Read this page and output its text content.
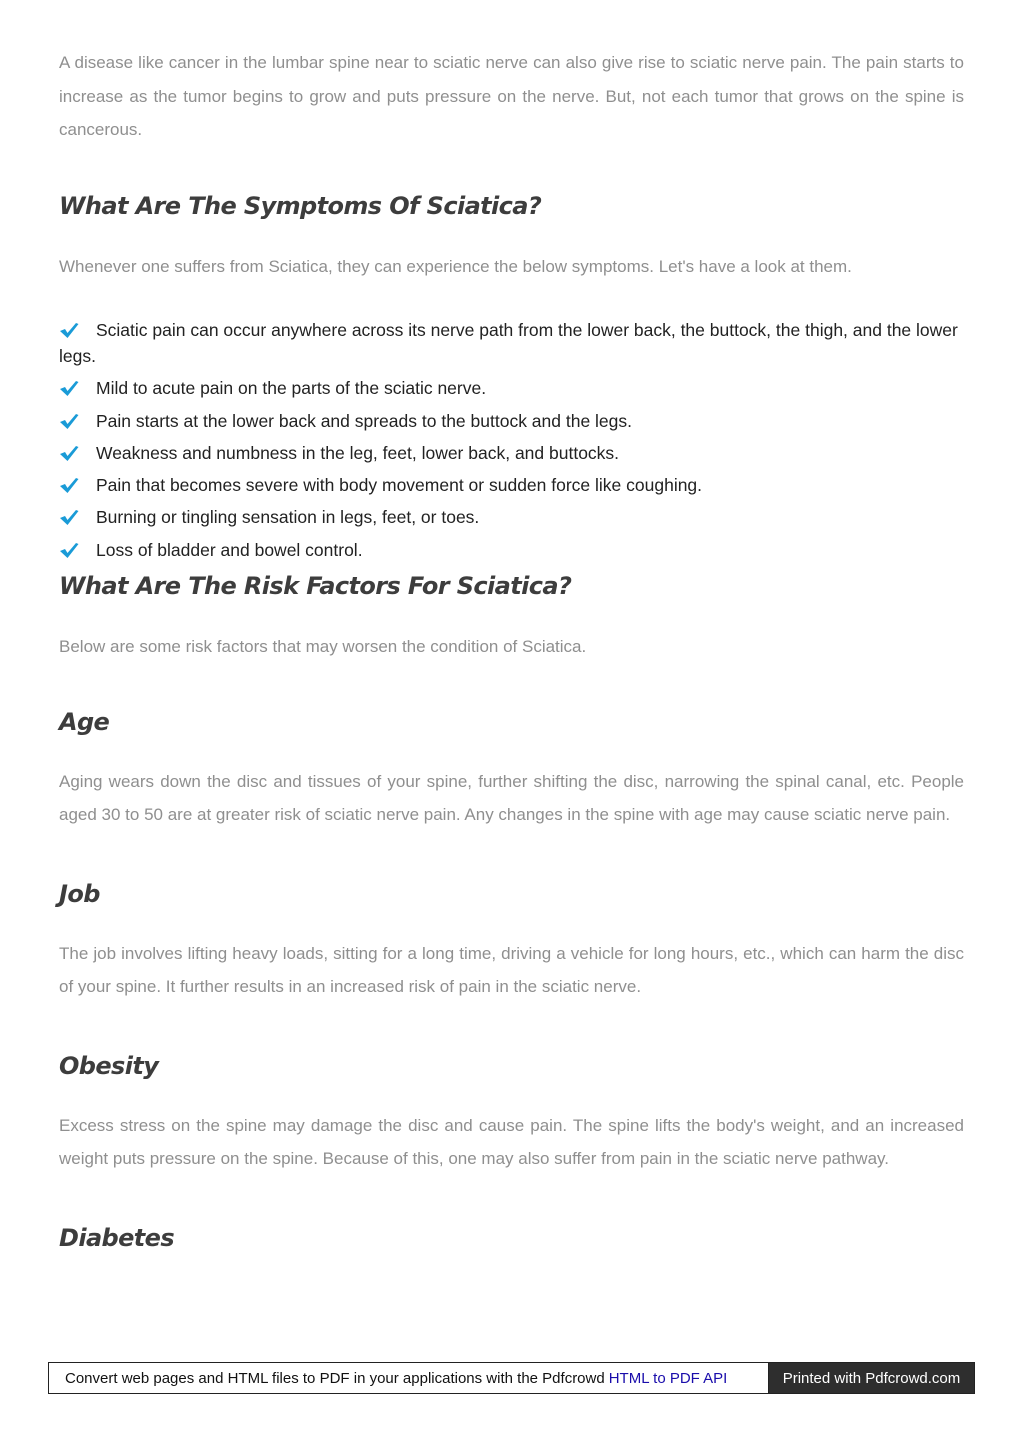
A disease like cancer in the lumbar spine near to sciatic nerve can also give rise to sciatic nerve pain. The pain starts to increase as the tumor begins to grow and puts pressure on the nerve. But, not each tumor that grows on the spine is cancerous.

What Are The Symptoms Of Sciatica?

Whenever one suffers from Sciatica, they can experience the below symptoms. Let's have a look at them.

Sciatic pain can occur anywhere across its nerve path from the lower back, the buttock, the thigh, and the lower legs.
Mild to acute pain on the parts of the sciatic nerve.
Pain starts at the lower back and spreads to the buttock and the legs.
Weakness and numbness in the leg, feet, lower back, and buttocks.
Pain that becomes severe with body movement or sudden force like coughing.
Burning or tingling sensation in legs, feet, or toes.
Loss of bladder and bowel control.
What Are The Risk Factors For Sciatica?

Below are some risk factors that may worsen the condition of Sciatica.

Age

Aging wears down the disc and tissues of your spine, further shifting the disc, narrowing the spinal canal, etc. People aged 30 to 50 are at greater risk of sciatic nerve pain. Any changes in the spine with age may cause sciatic nerve pain.

Job

The job involves lifting heavy loads, sitting for a long time, driving a vehicle for long hours, etc., which can harm the disc of your spine. It further results in an increased risk of pain in the sciatic nerve.

Obesity

Excess stress on the spine may damage the disc and cause pain. The spine lifts the body's weight, and an increased weight puts pressure on the spine. Because of this, one may also suffer from pain in the sciatic nerve pathway.

Diabetes
Convert web pages and HTML files to PDF in your applications with the Pdfcrowd HTML to PDF API	Printed with Pdfcrowd.com
